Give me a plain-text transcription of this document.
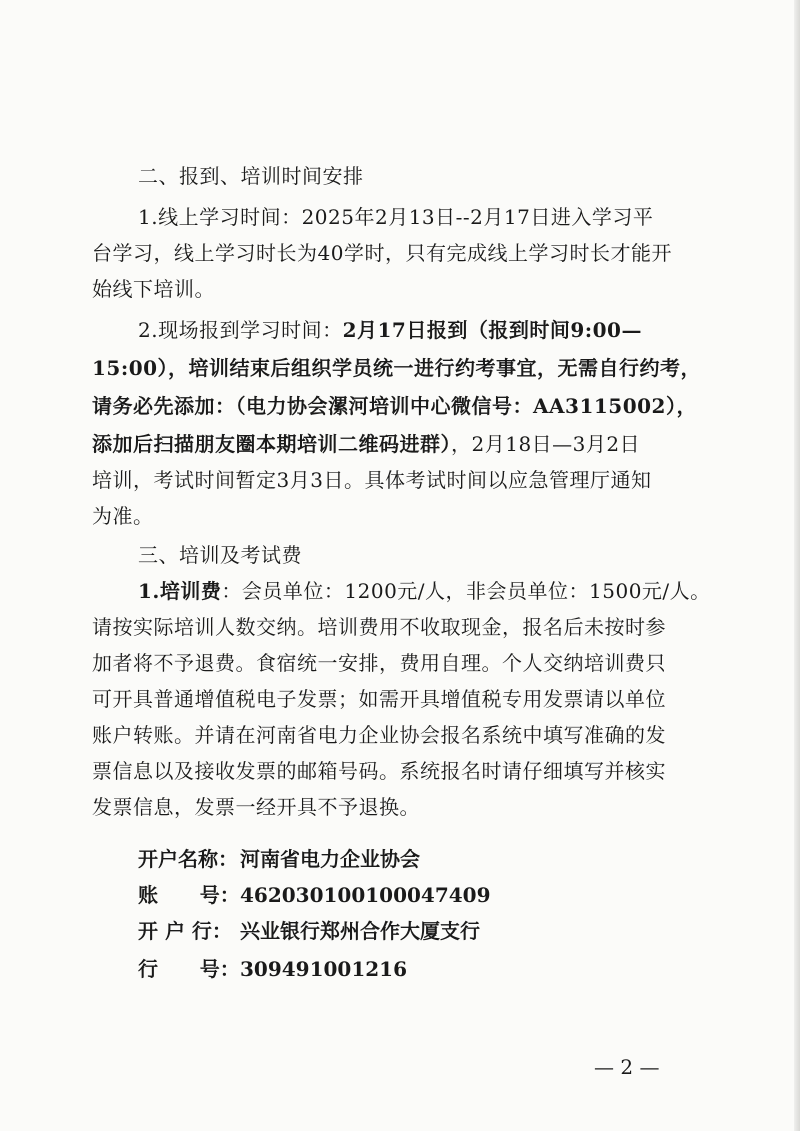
二、报到、培训时间安排
1.线上学习时间：2025年2月13日--2月17日进入学习平
台学习，线上学习时长为40学时，只有完成线上学习时长才能开
始线下培训。
2.现场报到学习时间：2月17日报到（报到时间9:00—
15:00），培训结束后组织学员统一进行约考事宜，无需自行约考，
请务必先添加：（电力协会漯河培训中心微信号：AA3115002），
添加后扫描朋友圈本期培训二维码进群），2月18日—3月2日
培训，考试时间暂定3月3日。具体考试时间以应急管理厅通知
为准。
三、培训及考试费
1.培训费：会员单位：1200元/人，非会员单位：1500元/人。
请按实际培训人数交纳。培训费用不收取现金，报名后未按时参
加者将不予退费。食宿统一安排，费用自理。个人交纳培训费只
可开具普通增值税电子发票；如需开具增值税专用发票请以单位
账户转账。并请在河南省电力企业协会报名系统中填写准确的发
票信息以及接收发票的邮箱号码。系统报名时请仔细填写并核实
发票信息，发票一经开具不予退换。
开户名称： 河南省电力企业协会
账      号： 462030100100047409
开 户 行： 兴业银行郑州合作大厦支行
行      号： 309491001216
— 2 —
